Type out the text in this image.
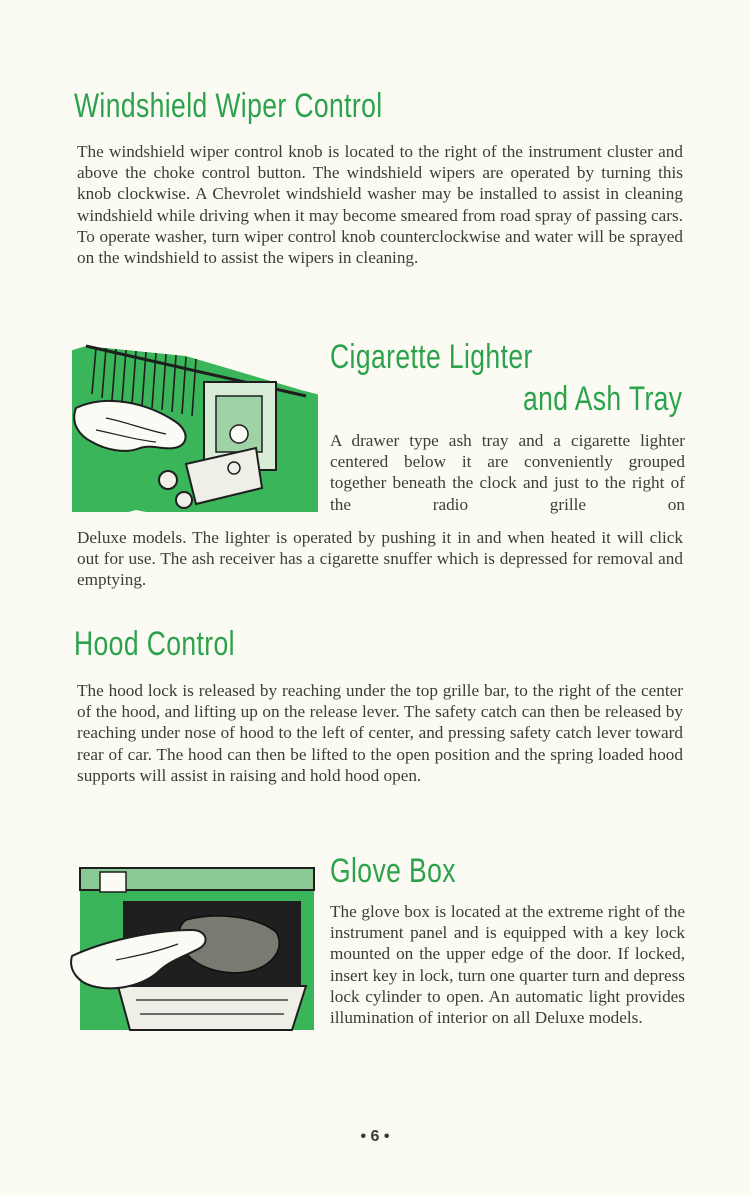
Windshield Wiper Control

The windshield wiper control knob is located to the right of the instrument cluster and above the choke control button. The windshield wipers are operated by turning this knob clockwise. A Chevrolet windshield washer may be installed to assist in cleaning windshield while driving when it may become smeared from road spray of passing cars. To operate washer, turn wiper control knob counterclockwise and water will be sprayed on the windshield to assist the wipers in cleaning.

Cigarette Lighter
and Ash Tray

A drawer type ash tray and a cigarette lighter centered below it are conveniently grouped together beneath the clock and just to the right of the radio grille on

Deluxe models. The lighter is operated by pushing it in and when heated it will click out for use. The ash receiver has a cigarette snuffer which is depressed for removal and emptying.

Hood Control

The hood lock is released by reaching under the top grille bar, to the right of the center of the hood, and lifting up on the release lever. The safety catch can then be released by reaching under nose of hood to the left of center, and pressing safety catch lever toward rear of car. The hood can then be lifted to the open position and the spring loaded hood supports will assist in raising and hold hood open.

Glove Box

The glove box is located at the extreme right of the instrument panel and is equipped with a key lock mounted on the upper edge of the door. If locked, insert key in lock, turn one quarter turn and depress lock cylinder to open. An automatic light provides illumination of interior on all Deluxe models.

• 6 •
